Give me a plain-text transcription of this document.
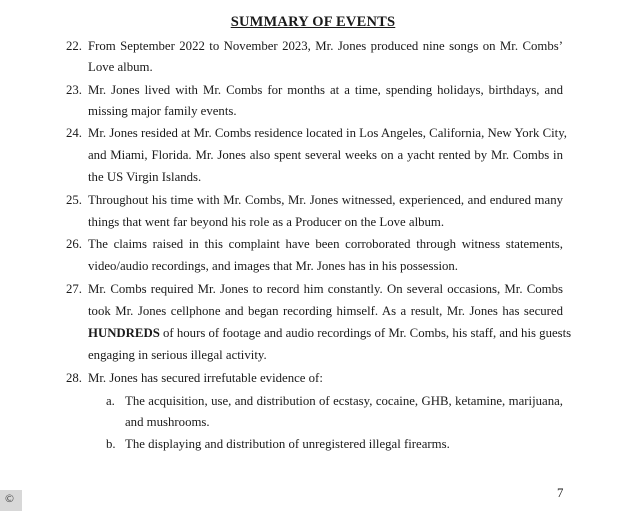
SUMMARY OF EVENTS
22. From September 2022 to November 2023, Mr. Jones produced nine songs on Mr. Combs’
Love album.
23. Mr. Jones lived with Mr. Combs for months at a time, spending holidays, birthdays, and
missing major family events.
24. Mr. Jones resided at Mr. Combs residence located in Los Angeles, California, New York City,
and Miami, Florida. Mr. Jones also spent several weeks on a yacht rented by Mr. Combs in
the US Virgin Islands.
25. Throughout his time with Mr. Combs, Mr. Jones witnessed, experienced, and endured many
things that went far beyond his role as a Producer on the Love album.
26. The claims raised in this complaint have been corroborated through witness statements,
video/audio recordings, and images that Mr. Jones has in his possession.
27. Mr. Combs required Mr. Jones to record him constantly. On several occasions, Mr. Combs
took Mr. Jones cellphone and began recording himself. As a result, Mr. Jones has secured
HUNDREDS of hours of footage and audio recordings of Mr. Combs, his staff, and his guests
engaging in serious illegal activity.
28. Mr. Jones has secured irrefutable evidence of:
a. The acquisition, use, and distribution of ecstasy, cocaine, GHB, ketamine, marijuana,
and mushrooms.
b. The displaying and distribution of unregistered illegal firearms.
7
©
